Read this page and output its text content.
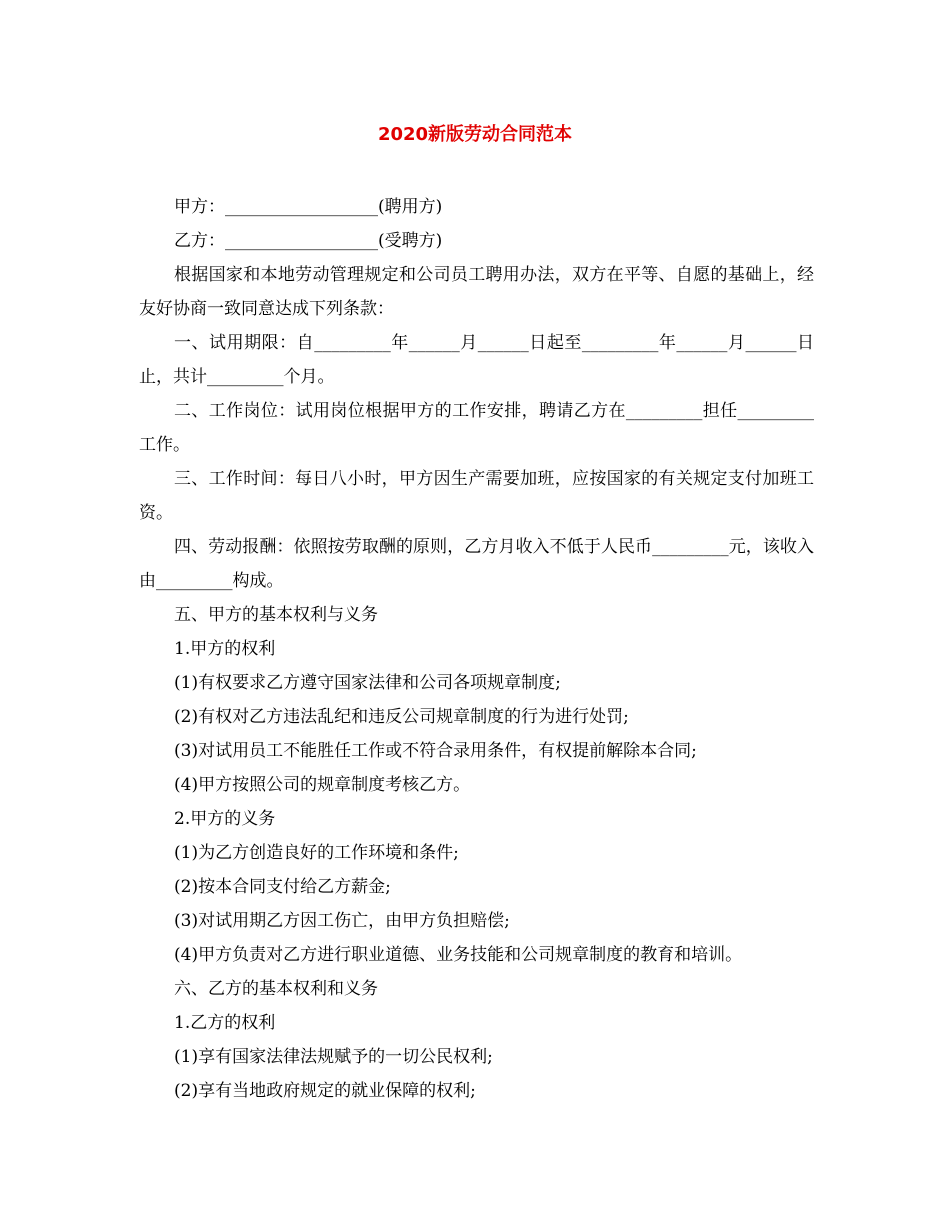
2020新版劳动合同范本

甲方：__________________(聘用方)

乙方：__________________(受聘方)

根据国家和本地劳动管理规定和公司员工聘用办法，双方在平等、自愿的基础上，经友好协商一致同意达成下列条款：

一、试用期限：自_________年______月______日起至_________年______月______日止，共计_________个月。

二、工作岗位：试用岗位根据甲方的工作安排，聘请乙方在_________担任_________工作。

三、工作时间：每日八小时，甲方因生产需要加班，应按国家的有关规定支付加班工资。

四、劳动报酬：依照按劳取酬的原则，乙方月收入不低于人民币_________元，该收入由_________构成。

五、甲方的基本权利与义务

1.甲方的权利

(1)有权要求乙方遵守国家法律和公司各项规章制度;

(2)有权对乙方违法乱纪和违反公司规章制度的行为进行处罚;

(3)对试用员工不能胜任工作或不符合录用条件，有权提前解除本合同;

(4)甲方按照公司的规章制度考核乙方。

2.甲方的义务

(1)为乙方创造良好的工作环境和条件;

(2)按本合同支付给乙方薪金;

(3)对试用期乙方因工伤亡，由甲方负担赔偿;

(4)甲方负责对乙方进行职业道德、业务技能和公司规章制度的教育和培训。

六、乙方的基本权利和义务

1.乙方的权利

(1)享有国家法律法规赋予的一切公民权利;

(2)享有当地政府规定的就业保障的权利;
